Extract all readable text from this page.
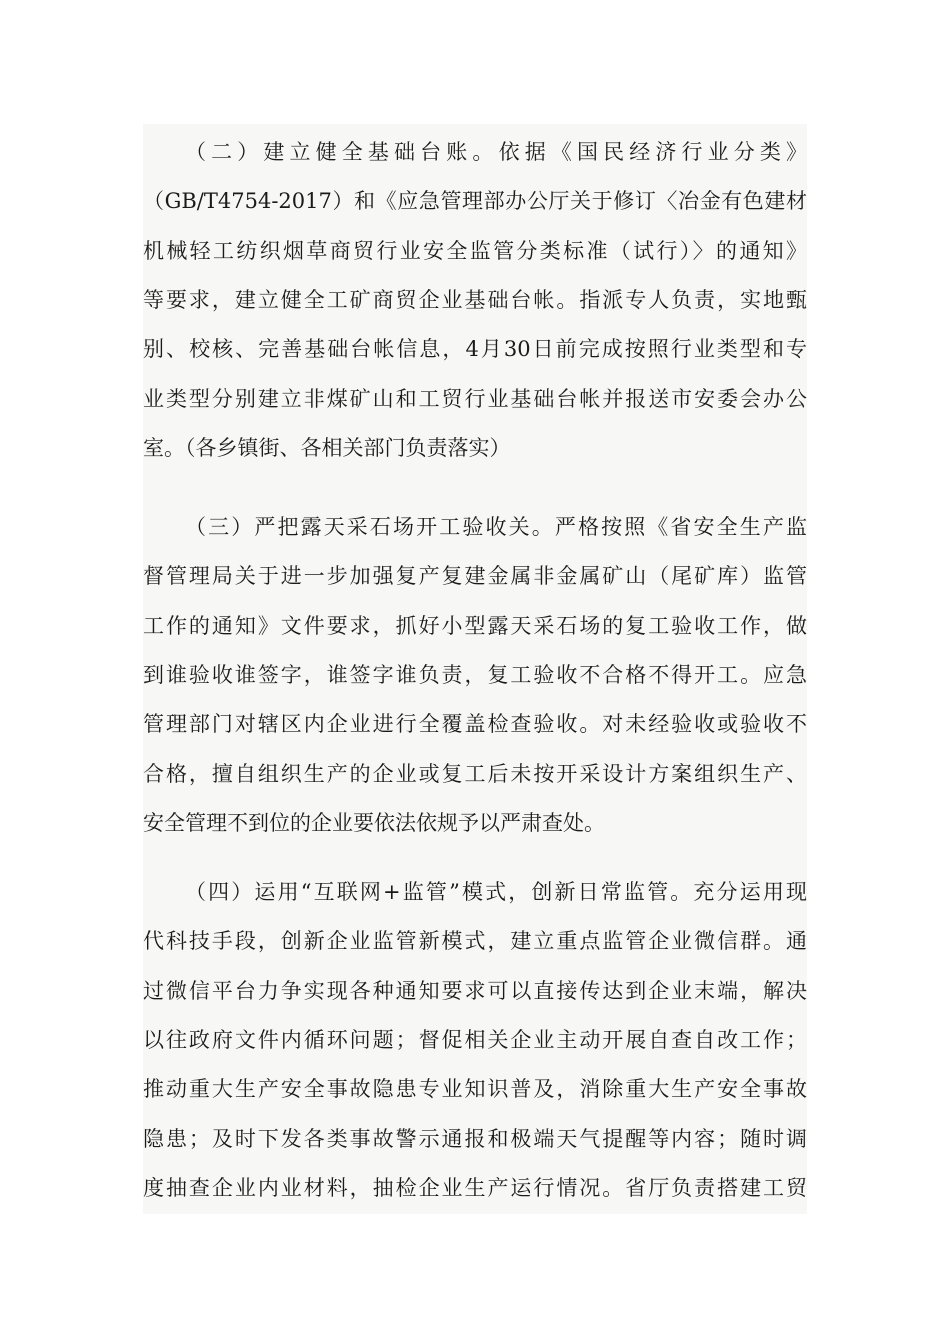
（二）建立健全基础台账。依据《国民经济行业分类》
（GB/T4754-2017）和《应急管理部办公厅关于修订〈冶金有色建材
机械轻工纺织烟草商贸行业安全监管分类标准（试行）〉的通知》
等要求，建立健全工矿商贸企业基础台帐。指派专人负责，实地甄
别、校核、完善基础台帐信息，4月30日前完成按照行业类型和专
业类型分别建立非煤矿山和工贸行业基础台帐并报送市安委会办公
室。（各乡镇街、各相关部门负责落实）
（三）严把露天采石场开工验收关。严格按照《省安全生产监
督管理局关于进一步加强复产复建金属非金属矿山（尾矿库）监管
工作的通知》文件要求，抓好小型露天采石场的复工验收工作，做
到谁验收谁签字，谁签字谁负责，复工验收不合格不得开工。应急
管理部门对辖区内企业进行全覆盖检查验收。对未经验收或验收不
合格，擅自组织生产的企业或复工后未按开采设计方案组织生产、
安全管理不到位的企业要依法依规予以严肃查处。
（四）运用“互联网+监管”模式，创新日常监管。充分运用现
代科技手段，创新企业监管新模式，建立重点监管企业微信群。通
过微信平台力争实现各种通知要求可以直接传达到企业末端，解决
以往政府文件内循环问题；督促相关企业主动开展自查自改工作；
推动重大生产安全事故隐患专业知识普及，消除重大生产安全事故
隐患；及时下发各类事故警示通报和极端天气提醒等内容；随时调
度抽查企业内业材料，抽检企业生产运行情况。省厅负责搭建工贸
